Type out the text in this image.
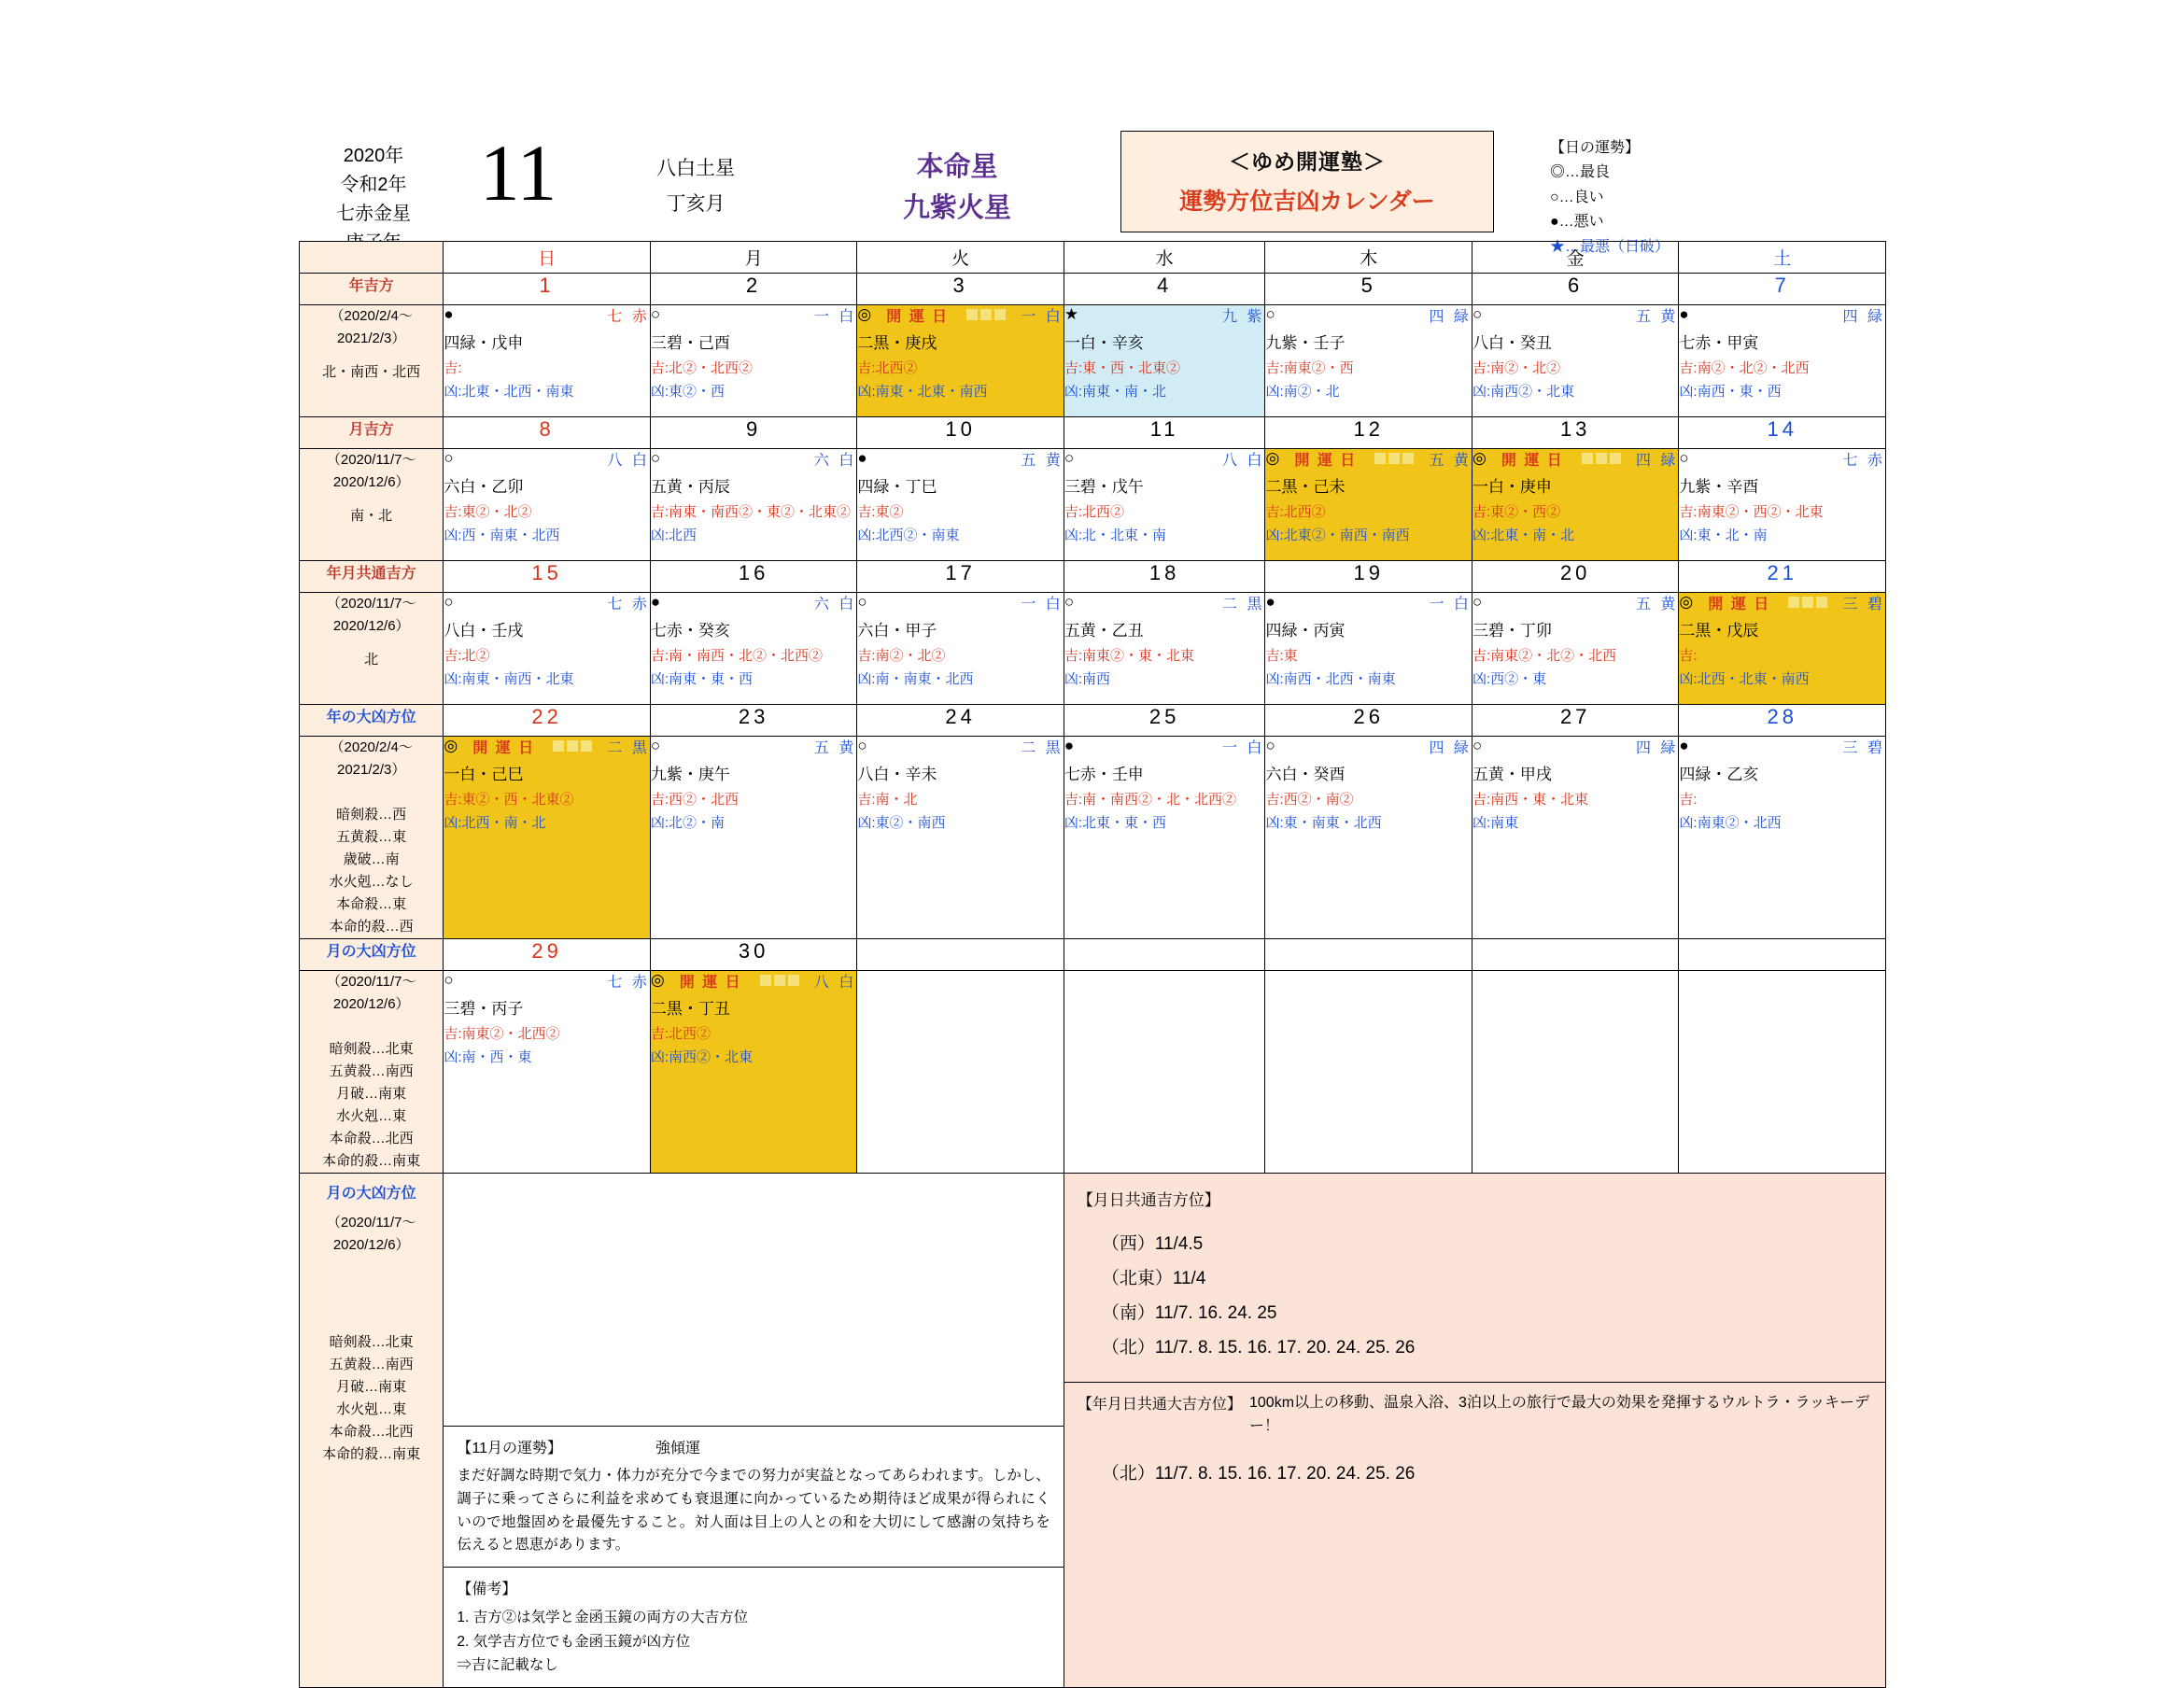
2020年
令和2年
七赤金星 11	八白土星
丁亥月
本命星
九紫火星
＜ゆめ開運塾＞
運勢方位吉凶カレンダー
【日の運勢】
◎…最良
○…良い
●…悪い
★…最悪（日破）
	日	月	火	水	木	金	土
年吉方	1	2	3	4	5	6	7

（2020/2/4～
2021/2/3）
北・南西・北西

●	七 赤
四緑・戊申
吉:
凶:北東・北西・南東

○	一 白
三碧・己酉
吉:北②・北西②
凶:東②・西

◎ 開 運 日	一 白
二黒・庚戌
吉:北西②
凶:南東・北東・南西

★	九 紫
一白・辛亥
吉:東・西・北東②
凶:南東・南・北

○	四 緑
九紫・壬子
吉:南東②・西
凶:南②・北

○	五 黄
八白・癸丑
吉:南②・北②
凶:南西②・北東

●	四 緑
七赤・甲寅
吉:南②・北②・北西
凶:南西・東・西

月吉方	8	9	10	11	12	13	14

（2020/11/7～
2020/12/6）
南・北

○	八 白
六白・乙卯
吉:東②・北②
凶:西・南東・北西

○	六 白
五黄・丙辰
吉:南東・南西②・東②・北東②
凶:北西

●	五 黄
四緑・丁巳
吉:東②
凶:北西②・南東

○	八 白
三碧・戊午
吉:北西②
凶:北・北東・南

◎ 開 運 日	五 黄
二黒・己未
吉:北西②
凶:北東②・南西・南西

◎ 開 運 日	四 緑
一白・庚申
吉:東②・西②
凶:北東・南・北

○	七 赤
九紫・辛酉
吉:南東②・西②・北東
凶:東・北・南

年月共通吉方	15	16	17	18	19	20	21

（2020/11/7～
2020/12/6）
北

○	七 赤
八白・壬戌
吉:北②
凶:南東・南西・北東

●	六 白
七赤・癸亥
吉:南・南西・北②・北西②
凶:南東・東・西

○	一 白
六白・甲子
吉:南②・北②
凶:南・南東・北西

○	二 黒
五黄・乙丑
吉:南東②・東・北東
凶:南西

●	一 白
四緑・丙寅
吉:東
凶:南西・北西・南東

○	五 黄
三碧・丁卯
吉:南東②・北②・北西
凶:西②・東

◎ 開 運 日	三 碧
二黒・戊辰
吉:
凶:北西・北東・南西

年の大凶方位	22	23	24	25	26	27	28

（2020/2/4～
2021/2/3）
暗剣殺…西
五黄殺…東
歳破…南
水火剋…なし
本命殺…東
本命的殺…西

◎ 開 運 日	二 黒
一白・己巳
吉:東②・西・北東②
凶:北西・南・北

○	五 黄
九紫・庚午
吉:西②・北西
凶:北②・南

○	二 黒
八白・辛未
吉:南・北
凶:東②・南西

●	一 白
七赤・壬申
吉:南・南西②・北・北西②
凶:北東・東・西

○	四 緑
六白・癸酉
吉:西②・南②
凶:東・南東・北西

○	四 緑
五黄・甲戌
吉:南西・東・北東
凶:南東

●	三 碧
四緑・乙亥
吉:
凶:南東②・北西

月の大凶方位	29	30					

（2020/11/7～
2020/12/6）
暗剣殺…北東
五黄殺…南西
月破…南東
水火剋…東
本命殺…北西
本命的殺…南東

○	七 赤
三碧・丙子
吉:南東②・北西②
凶:南・西・東

◎ 開 運 日	八 白
二黒・丁丑
吉:北西②
凶:南西②・北東

月の大凶方位
（2020/11/7～
2020/12/6）
暗剣殺…北東
五黄殺…南西
月破…南東
水火剋…東
本命殺…北西
本命的殺…南東	【11月の運勢】	強傾運
まだ好調な時期で気力・体力が充分で今までの努力が実益となってあらわれます。しかし、調子に乗ってさらに利益を求めても衰退運に向かっているため期待ほど成果が得られにくいので地盤固めを最優先すること。対人面は目上の人との和を大切にして感謝の気持ちを伝えると恩恵があります。
【備考】
1. 吉方②は気学と金函玉鏡の両方の大吉方位
2. 気学吉方位でも金函玉鏡が凶方位
⇒吉に記載なし

【月日共通吉方位】
（西）11/4.5
（北東）11/4
（南）11/7. 16. 24. 25
（北）11/7. 8. 15. 16. 17. 20. 24. 25. 26
【年月日共通大吉方位】 100km以上の移動、温泉入浴、3泊以上の旅行で最大の効果を発揮するウルトラ・ラッキーデー！
（北）11/7. 8. 15. 16. 17. 20. 24. 25. 26
